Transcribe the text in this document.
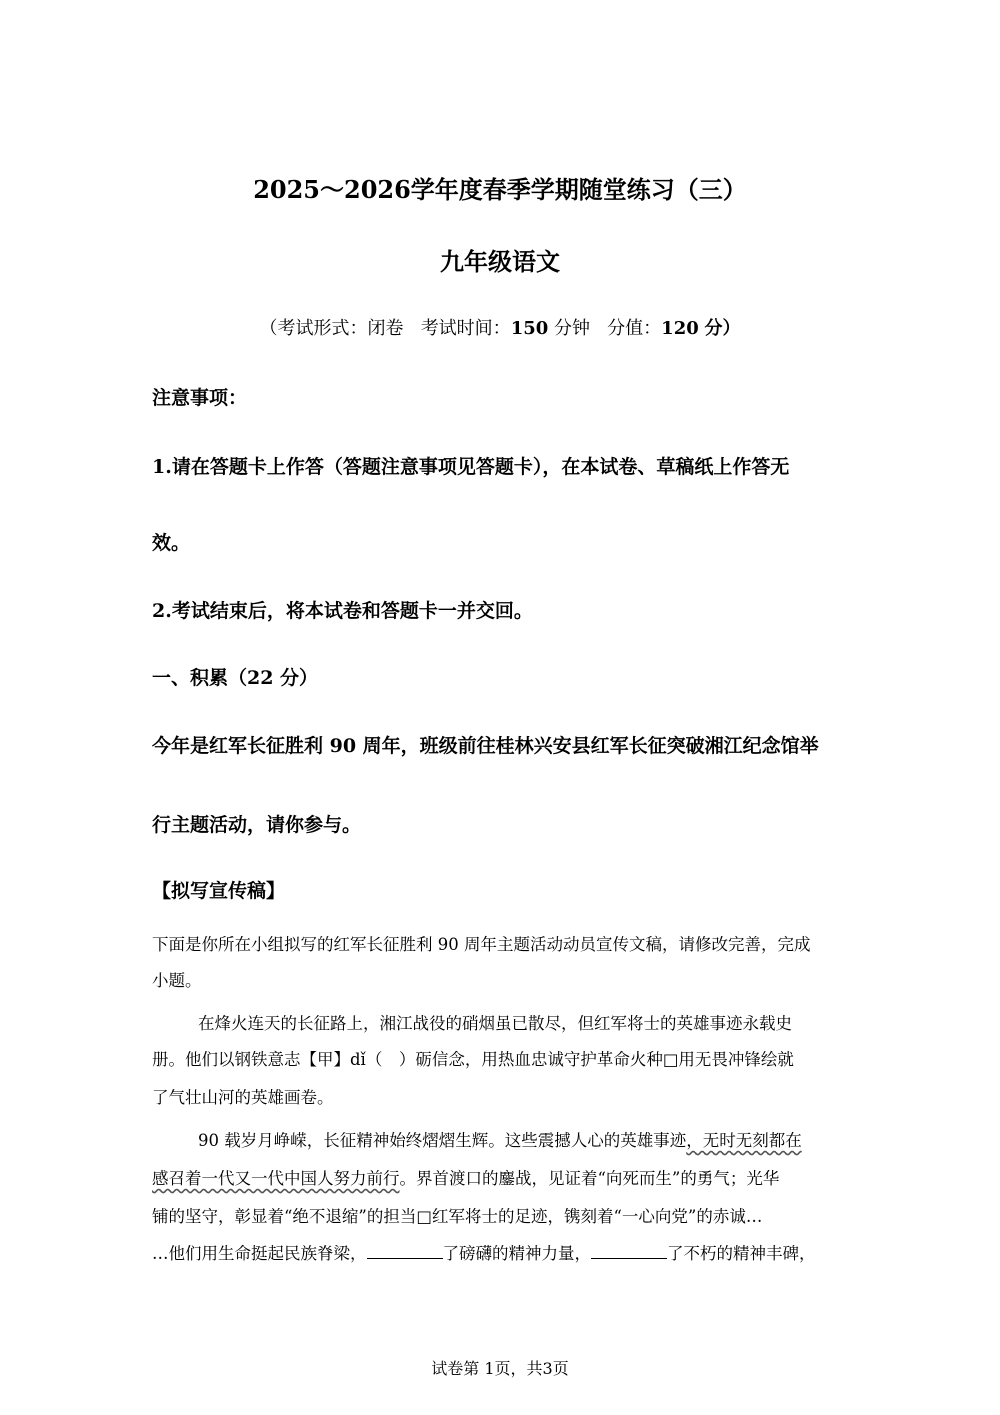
2025～2026学年度春季学期随堂练习（三）
九年级语文
（考试形式：闭卷 考试时间：150 分钟 分值：120 分）
注意事项：
1.请在答题卡上作答（答题注意事项见答题卡），在本试卷、草稿纸上作答无
效。
2.考试结束后，将本试卷和答题卡一并交回。
一、积累（22 分）
今年是红军长征胜利 90 周年，班级前往桂林兴安县红军长征突破湘江纪念馆举
行主题活动，请你参与。
【拟写宣传稿】
下面是你所在小组拟写的红军长征胜利 90 周年主题活动动员宣传文稿，请修改完善，完成
小题。
在烽火连天的长征路上，湘江战役的硝烟虽已散尽，但红军将士的英雄事迹永载史
册。他们以钢铁意志【甲】dǐ（　）砺信念，用热血忠诚守护革命火种□用无畏冲锋绘就
了气壮山河的英雄画卷。
90 载岁月峥嵘，长征精神始终熠熠生辉。这些震撼人心的英雄事迹，无时无刻都在
感召着一代又一代中国人努力前行。界首渡口的鏖战，见证着“向死而生”的勇气；光华
铺的坚守，彰显着“绝不退缩”的担当□红军将士的足迹，镌刻着“一心向党”的赤诚…
…他们用生命挺起民族脊梁，	了磅礴的精神力量，	了不朽的精神丰碑，
试卷第 1页，共3页
